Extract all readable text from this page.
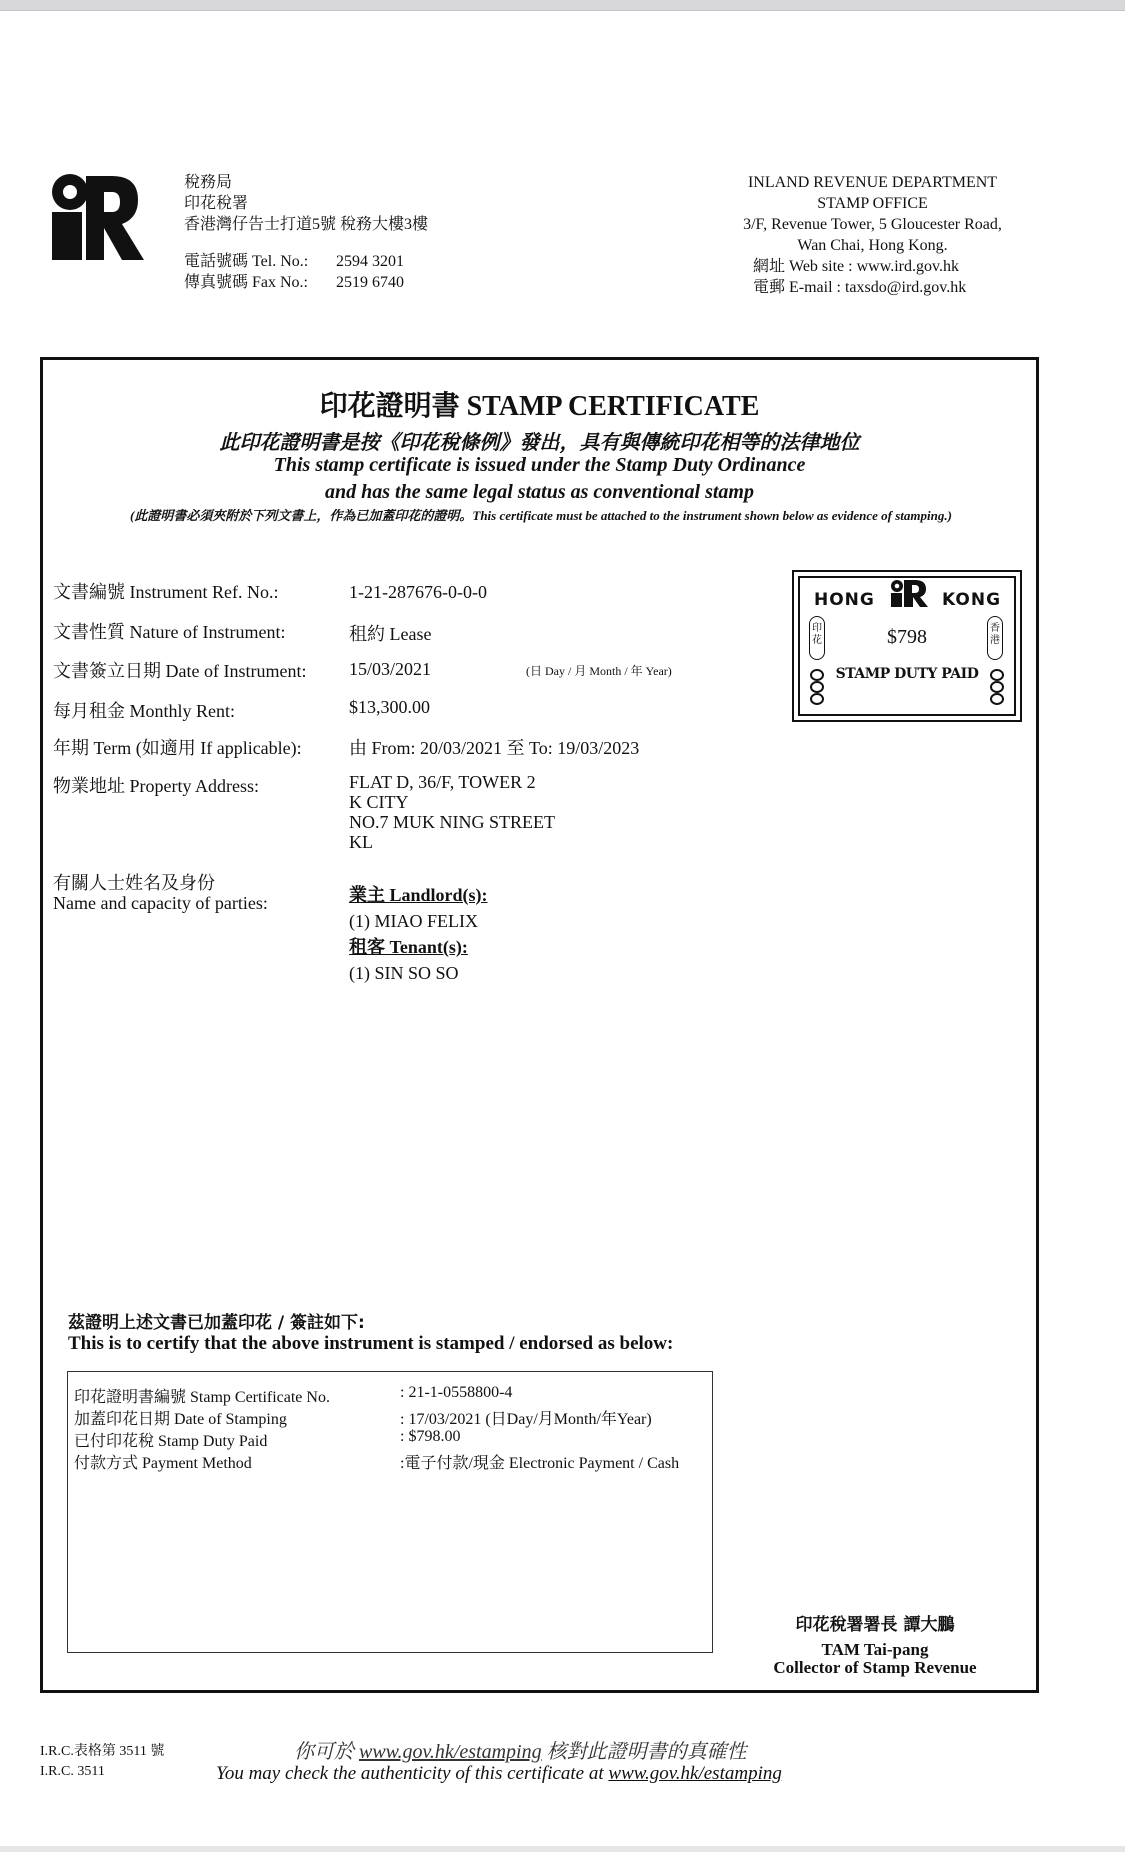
稅務局
印花稅署
香港灣仔告士打道5號 稅務大樓3樓
電話號碼 Tel. No.:	2594 3201
傳真號碼 Fax No.:	2519 6740
INLAND REVENUE DEPARTMENT
STAMP OFFICE
3/F, Revenue Tower, 5 Gloucester Road,
Wan Chai, Hong Kong.
網址 Web site : www.ird.gov.hk
電郵 E-mail : taxsdo@ird.gov.hk
印花證明書 STAMP CERTIFICATE
此印花證明書是按《印花稅條例》發出，具有與傳統印花相等的法律地位
This stamp certificate is issued under the Stamp Duty Ordinance
and has the same legal status as conventional stamp
(此證明書必須夾附於下列文書上，作為已加蓋印花的證明。This certificate must be attached to the instrument shown below as evidence of stamping.)
文書編號 Instrument Ref. No.:	1-21-287676-0-0-0
文書性質 Nature of Instrument:	租約 Lease
文書簽立日期 Date of Instrument: 15/03/2021	(日 Day / 月 Month / 年 Year)
每月租金 Monthly Rent:	$13,300.00
年期 Term (如適用 If applicable):	由 From: 20/03/2021 至 To: 19/03/2023
物業地址 Property Address:	FLAT D, 36/F, TOWER 2
K CITY
NO.7 MUK NING STREET
KL
有關人士姓名及身份
Name and capacity of parties:	業主 Landlord(s):
(1) MIAO FELIX
租客 Tenant(s):
(1) SIN SO SO
HONG	KONG
印花
香港
$798
STAMP DUTY PAID
茲證明上述文書已加蓋印花 / 簽註如下:
This is to certify that the above instrument is stamped / endorsed as below:
印花證明書編號 Stamp Certificate No.	: 21-1-0558800-4
加蓋印花日期 Date of Stamping	: 17/03/2021 (日Day/月Month/年Year)
已付印花稅 Stamp Duty Paid	: $798.00
付款方式 Payment Method	:電子付款/現金 Electronic Payment / Cash
印花稅署署長 譚大鵬
TAM Tai-pang
Collector of Stamp Revenue
I.R.C.表格第 3511 號
I.R.C. 3511
你可於 www.gov.hk/estamping 核對此證明書的真確性
You may check the authenticity of this certificate at www.gov.hk/estamping
